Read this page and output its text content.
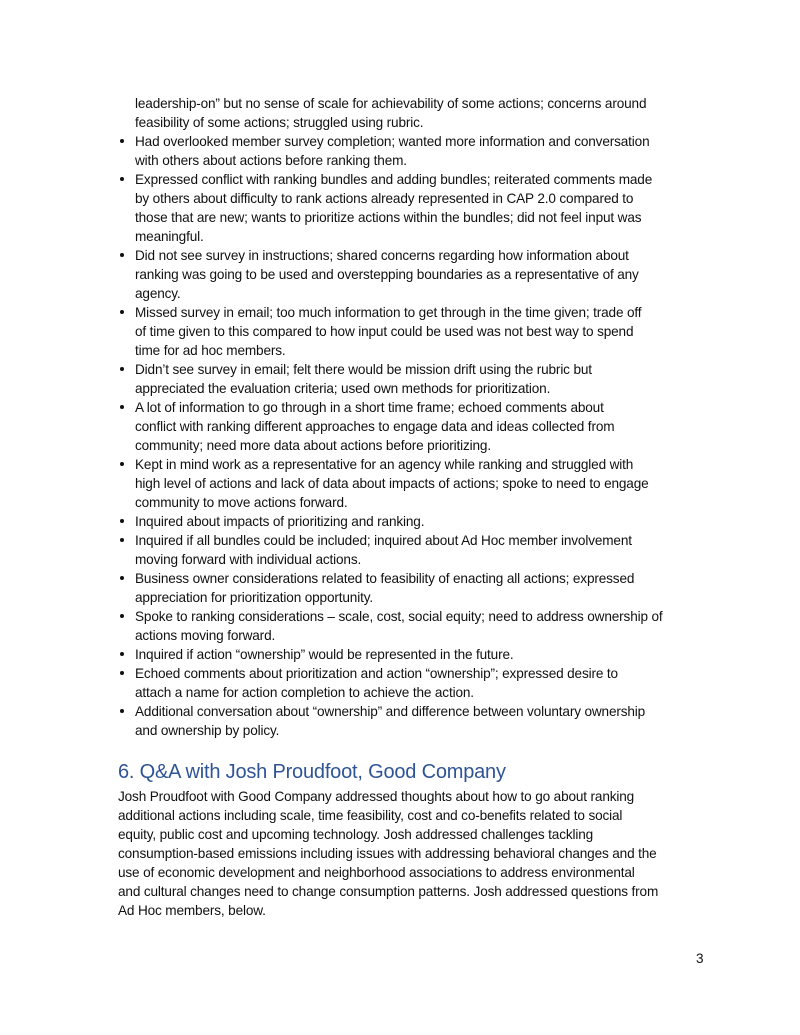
leadership-on” but no sense of scale for achievability of some actions; concerns around
feasibility of some actions; struggled using rubric.
Had overlooked member survey completion; wanted more information and conversation
with others about actions before ranking them.
Expressed conflict with ranking bundles and adding bundles; reiterated comments made
by others about difficulty to rank actions already represented in CAP 2.0 compared to
those that are new; wants to prioritize actions within the bundles; did not feel input was
meaningful.
Did not see survey in instructions; shared concerns regarding how information about
ranking was going to be used and overstepping boundaries as a representative of any
agency.
Missed survey in email; too much information to get through in the time given; trade off
of time given to this compared to how input could be used was not best way to spend
time for ad hoc members.
Didn’t see survey in email; felt there would be mission drift using the rubric but
appreciated the evaluation criteria; used own methods for prioritization.
A lot of information to go through in a short time frame; echoed comments about
conflict with ranking different approaches to engage data and ideas collected from
community; need more data about actions before prioritizing.
Kept in mind work as a representative for an agency while ranking and struggled with
high level of actions and lack of data about impacts of actions; spoke to need to engage
community to move actions forward.
Inquired about impacts of prioritizing and ranking.
Inquired if all bundles could be included; inquired about Ad Hoc member involvement
moving forward with individual actions.
Business owner considerations related to feasibility of enacting all actions; expressed
appreciation for prioritization opportunity.
Spoke to ranking considerations – scale, cost, social equity; need to address ownership of
actions moving forward.
Inquired if action “ownership” would be represented in the future.
Echoed comments about prioritization and action “ownership”; expressed desire to
attach a name for action completion to achieve the action.
Additional conversation about “ownership” and difference between voluntary ownership
and ownership by policy.
6. Q&A with Josh Proudfoot, Good Company
Josh Proudfoot with Good Company addressed thoughts about how to go about ranking
additional actions including scale, time feasibility, cost and co-benefits related to social
equity, public cost and upcoming technology. Josh addressed challenges tackling
consumption-based emissions including issues with addressing behavioral changes and the
use of economic development and neighborhood associations to address environmental
and cultural changes need to change consumption patterns. Josh addressed questions from
Ad Hoc members, below.
3
